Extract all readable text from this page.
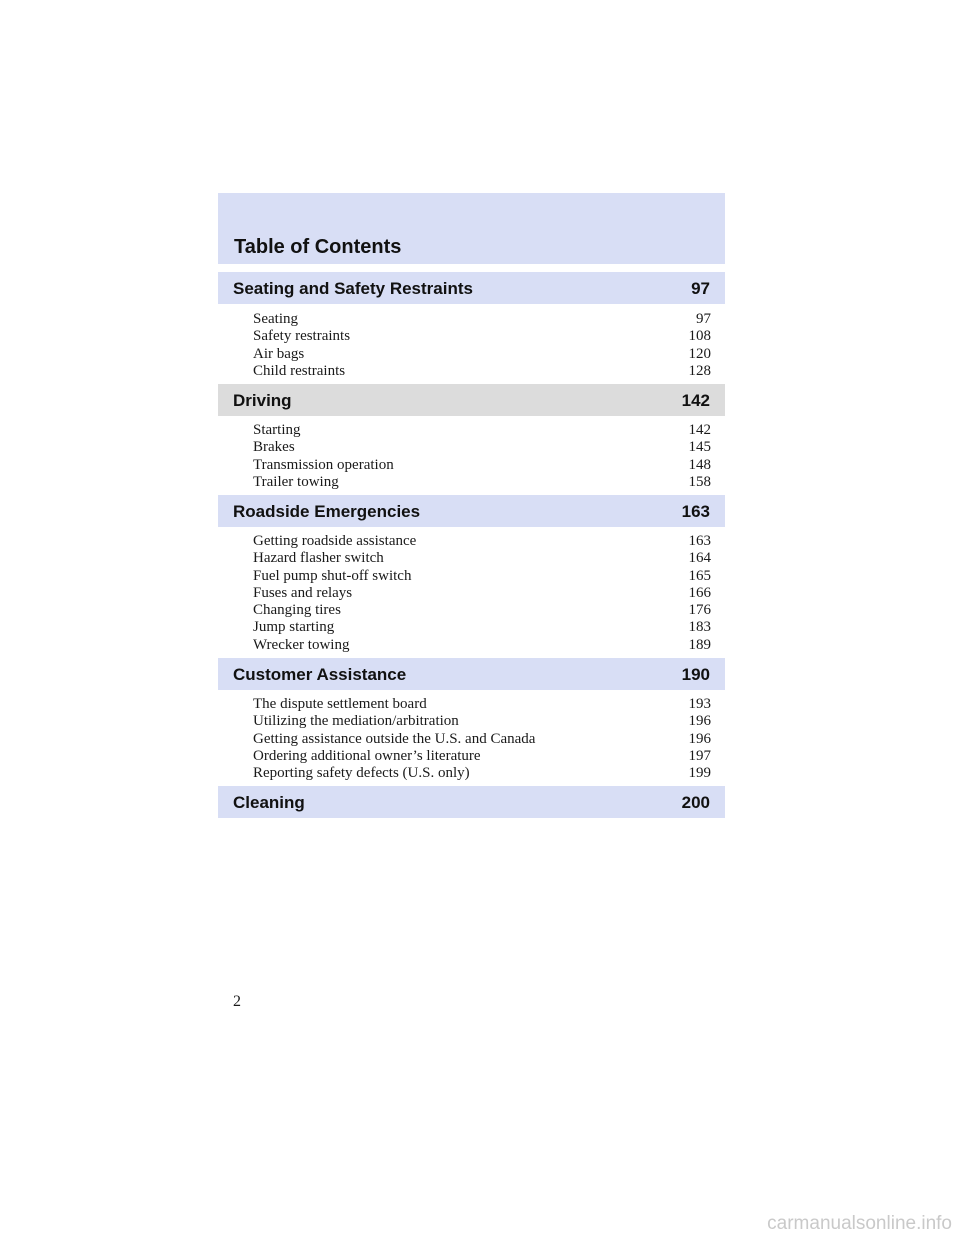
Table of Contents
Seating and Safety Restraints	97
Seating	97
Safety restraints	108
Air bags	120
Child restraints	128
Driving	142
Starting	142
Brakes	145
Transmission operation	148
Trailer towing	158
Roadside Emergencies	163
Getting roadside assistance	163
Hazard flasher switch	164
Fuel pump shut-off switch	165
Fuses and relays	166
Changing tires	176
Jump starting	183
Wrecker towing	189
Customer Assistance	190
The dispute settlement board	193
Utilizing the mediation/arbitration	196
Getting assistance outside the U.S. and Canada	196
Ordering additional owner’s literature	197
Reporting safety defects (U.S. only)	199
Cleaning	200
2
carmanualsonline.info
